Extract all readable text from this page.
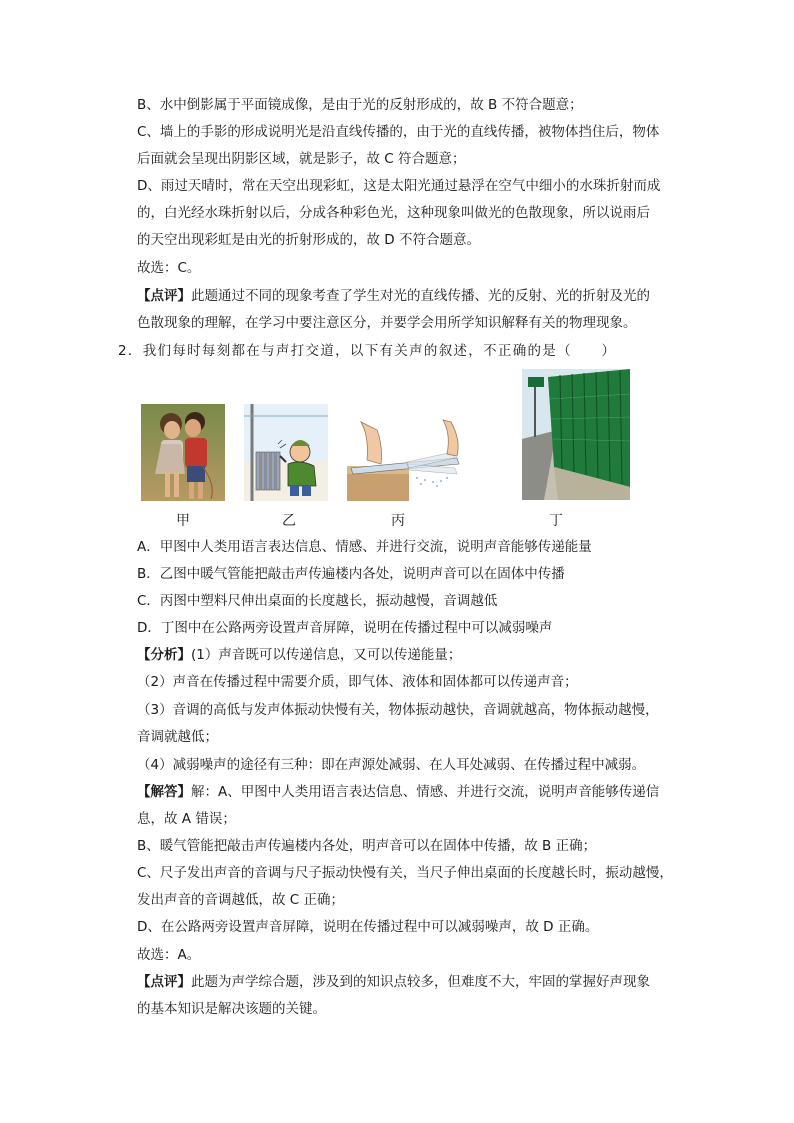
B、水中倒影属于平面镜成像，是由于光的反射形成的，故 B 不符合题意；
C、墙上的手影的形成说明光是沿直线传播的，由于光的直线传播，被物体挡住后，物体
后面就会呈现出阴影区域，就是影子，故 C 符合题意；
D、雨过天晴时，常在天空出现彩虹，这是太阳光通过悬浮在空气中细小的水珠折射而成
的，白光经水珠折射以后，分成各种彩色光，这种现象叫做光的色散现象，所以说雨后
的天空出现彩虹是由光的折射形成的，故 D 不符合题意。
故选：C。
【点评】此题通过不同的现象考查了学生对光的直线传播、光的反射、光的折射及光的
色散现象的理解，在学习中要注意区分，并要学会用所学知识解释有关的物理现象。
2．我们每时每刻都在与声打交道，以下有关声的叙述，不正确的是（　　）
甲	乙	丙	丁
A．甲图中人类用语言表达信息、情感、并进行交流，说明声音能够传递能量
B．乙图中暖气管能把敲击声传遍楼内各处，说明声音可以在固体中传播
C．丙图中塑料尺伸出桌面的长度越长，振动越慢，音调越低
D．丁图中在公路两旁设置声音屏障，说明在传播过程中可以减弱噪声
【分析】(1）声音既可以传递信息，又可以传递能量；
（2）声音在传播过程中需要介质，即气体、液体和固体都可以传递声音；
（3）音调的高低与发声体振动快慢有关，物体振动越快，音调就越高，物体振动越慢，
音调就越低；
（4）减弱噪声的途径有三种：即在声源处减弱、在人耳处减弱、在传播过程中减弱。
【解答】解：A、甲图中人类用语言表达信息、情感、并进行交流，说明声音能够传递信
息，故 A 错误；
B、暖气管能把敲击声传遍楼内各处，明声音可以在固体中传播，故 B 正确；
C、尺子发出声音的音调与尺子振动快慢有关，当尺子伸出桌面的长度越长时，振动越慢，
发出声音的音调越低，故 C 正确；
D、在公路两旁设置声音屏障，说明在传播过程中可以减弱噪声，故 D 正确。
故选：A。
【点评】此题为声学综合题，涉及到的知识点较多，但难度不大，牢固的掌握好声现象
的基本知识是解决该题的关键。
